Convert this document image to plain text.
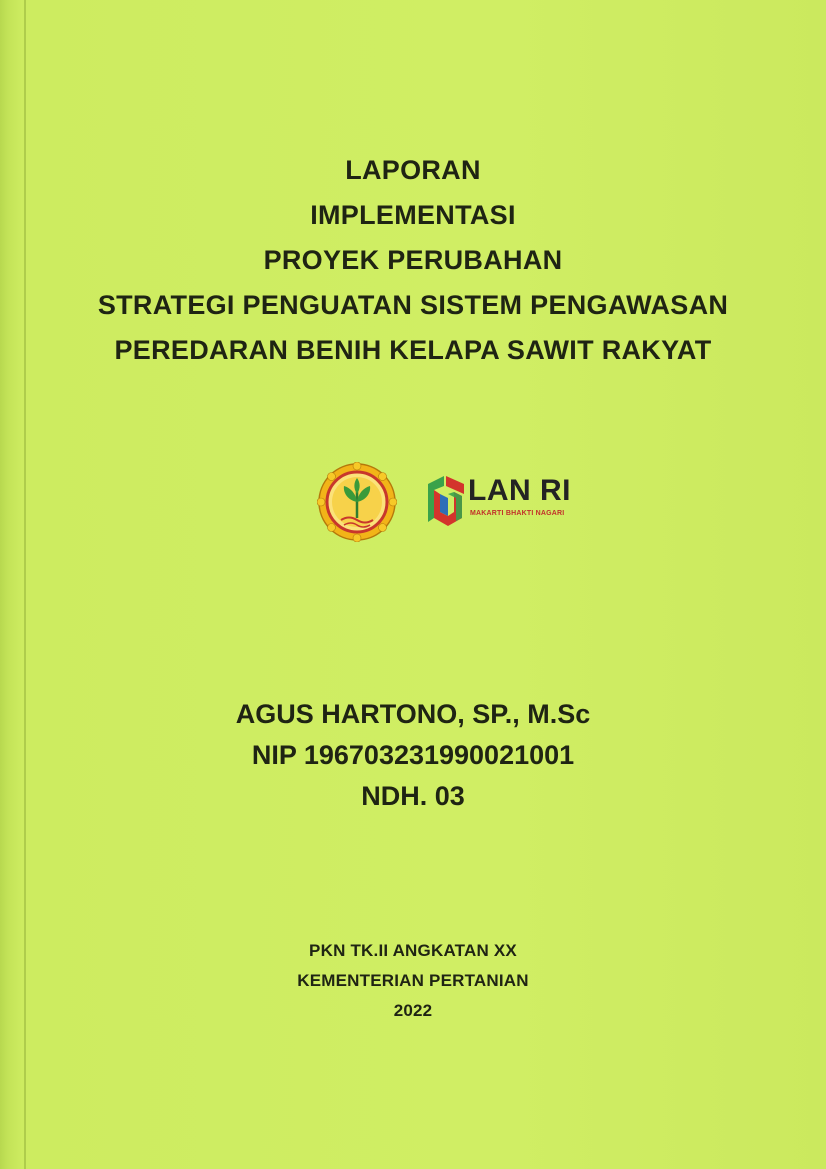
LAPORAN
IMPLEMENTASI
PROYEK PERUBAHAN
STRATEGI PENGUATAN SISTEM PENGAWASAN
PEREDARAN BENIH KELAPA SAWIT RAKYAT
LAN RI
MAKARTI BHAKTI NAGARI
AGUS HARTONO, SP., M.Sc
NIP 196703231990021001
NDH. 03
PKN TK.II ANGKATAN XX
KEMENTERIAN PERTANIAN
2022
